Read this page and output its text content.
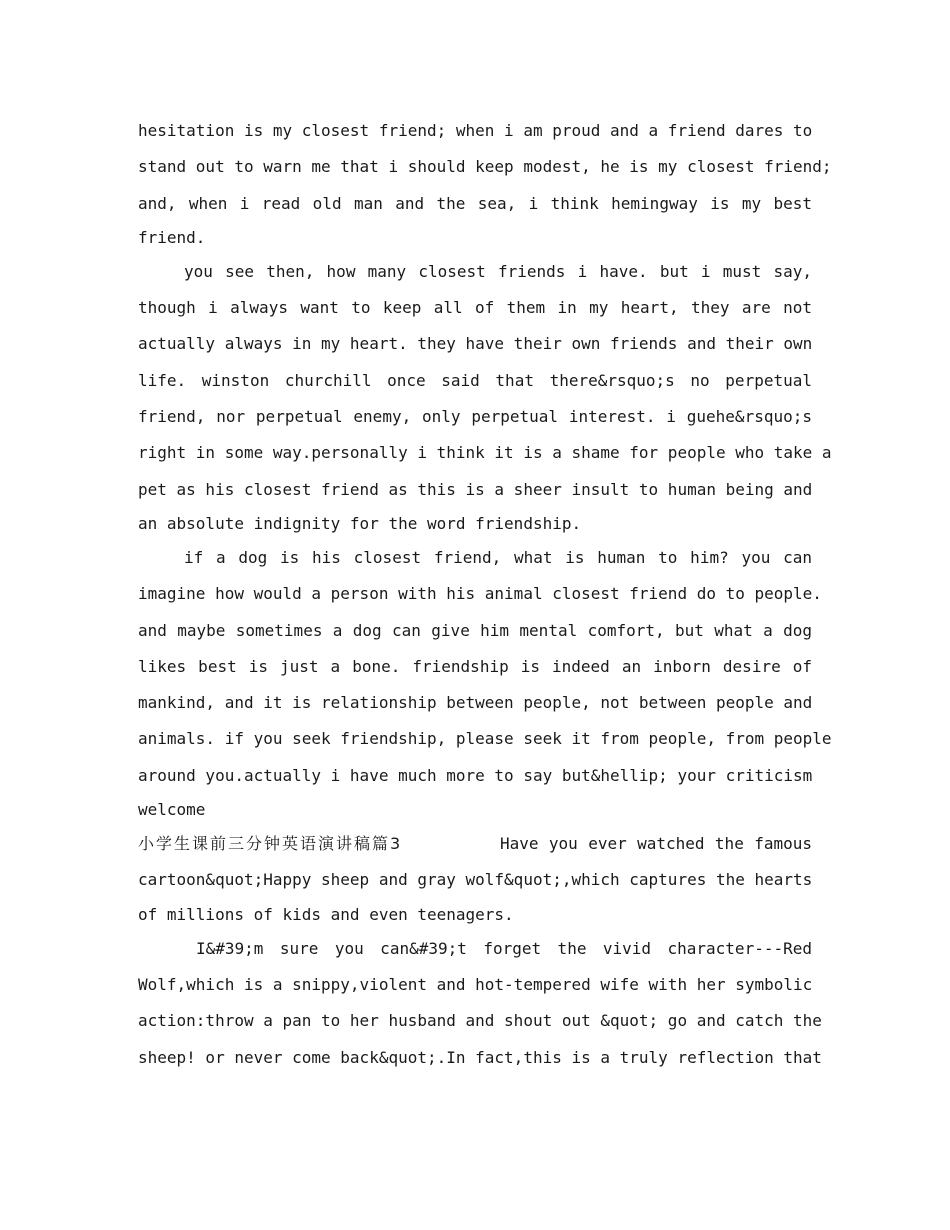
hesitation is my closest friend; when i am proud and a friend dares to
stand out to warn me that i should keep modest, he is my closest friend;
and, when i read old man and the sea, i think hemingway is my best
friend.
you see then, how many closest friends i have. but i must say,
though i always want to keep all of them in my heart, they are not
actually always in my heart. they have their own friends and their own
life. winston churchill once said that there&rsquo;s no perpetual
friend, nor perpetual enemy, only perpetual interest. i guehe&rsquo;s
right in some way.personally i think it is a shame for people who take a
pet as his closest friend as this is a sheer insult to human being and
an absolute indignity for the word friendship.
if a dog is his closest friend, what is human to him? you can
imagine how would a person with his animal closest friend do to people.
and maybe sometimes a dog can give him mental comfort, but what a dog
likes best is just a bone. friendship is indeed an inborn desire of
mankind, and it is relationship between people, not between people and
animals. if you seek friendship, please seek it from people, from people
around you.actually i have much more to say but&hellip; your criticism
welcome
小学生课前三分钟英语演讲稿篇3	Have you ever watched the famous
cartoon&quot;Happy sheep and gray wolf&quot;,which captures the hearts
of millions of kids and even teenagers.
I&#39;m sure you can&#39;t forget the vivid character---Red
Wolf,which is a snippy,violent and hot-tempered wife with her symbolic
action:throw a pan to her husband and shout out &quot; go and catch the
sheep! or never come back&quot;.In fact,this is a truly reflection that
